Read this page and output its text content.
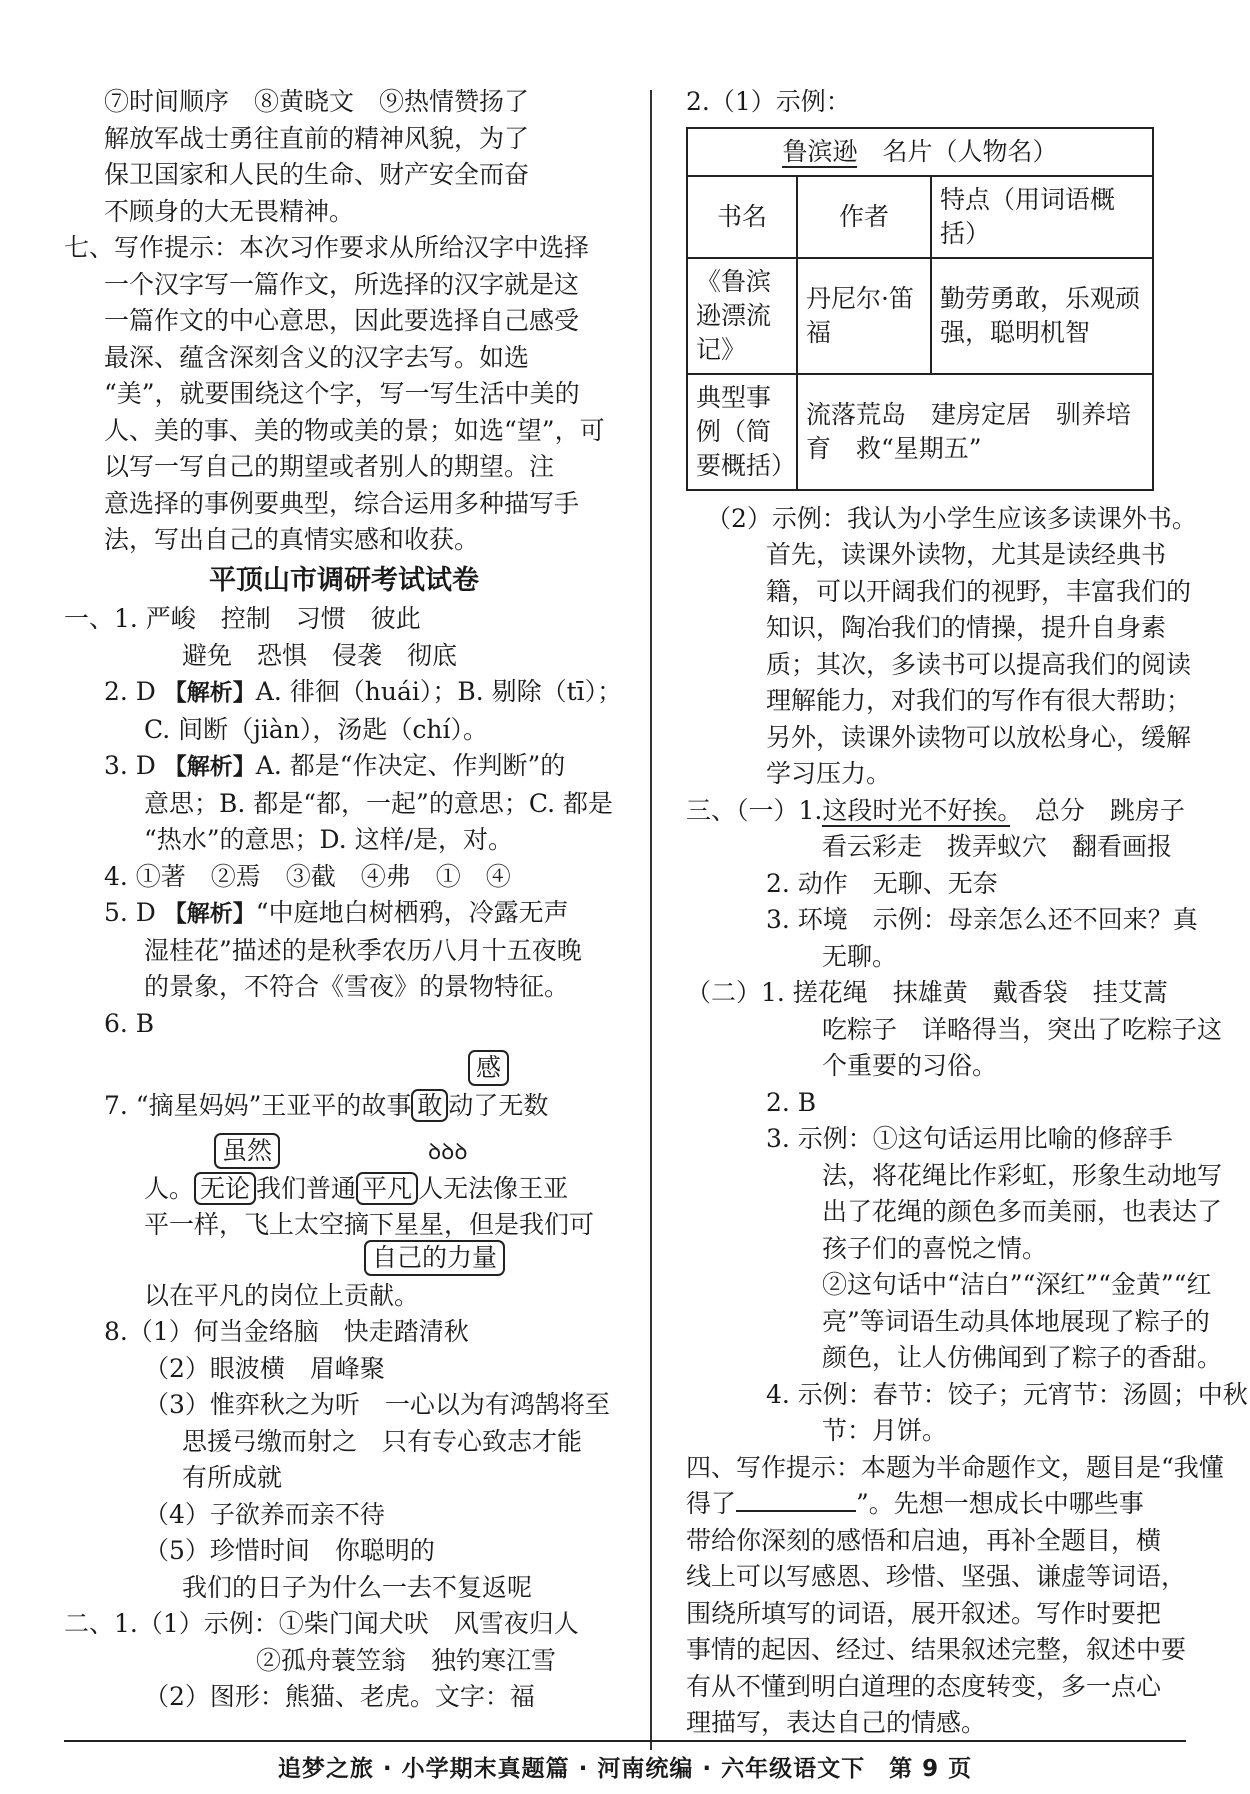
⑦时间顺序　⑧黄晓文　⑨热情赞扬了
解放军战士勇往直前的精神风貌，为了
保卫国家和人民的生命、财产安全而奋
不顾身的大无畏精神。
七、写作提示：本次习作要求从所给汉字中选择
一个汉字写一篇作文，所选择的汉字就是这
一篇作文的中心意思，因此要选择自己感受
最深、蕴含深刻含义的汉字去写。如选
“美”，就要围绕这个字，写一写生活中美的
人、美的事、美的物或美的景；如选“望”，可
以写一写自己的期望或者别人的期望。注
意选择的事例要典型，综合运用多种描写手
法，写出自己的真情实感和收获。
平顶山市调研考试试卷
一、1. 严峻　控制　习惯　彼此
避免　恐惧　侵袭　彻底
2. D 【解析】A. 徘徊（huái）；B. 剔除（tī）；
C. 间断（jiàn），汤匙（chí）。
3. D 【解析】A. 都是“作决定、作判断”的
意思；B. 都是“都，一起”的意思；C. 都是
“热水”的意思；D. 这样/是，对。
4. ①著　②焉　③截　④弗　①　④
5. D 【解析】“中庭地白树栖鸦，冷露无声
湿桂花”描述的是秋季农历八月十五夜晚
的景象，不符合《雪夜》的景物特征。
6. B
感
7. “摘星妈妈”王亚平的故事 敢 动了无数
虽然	ꝺꝺꝺ
人。 无论 我们普通 平凡 人无法像王亚
平一样，飞上太空摘下星星，但是我们可
自己的力量
以在平凡的岗位上贡献。
8.（1）何当金络脑　快走踏清秋
（2）眼波横　眉峰聚
（3）惟弈秋之为听　一心以为有鸿鹄将至
思援弓缴而射之　只有专心致志才能
有所成就
（4）子欲养而亲不待
（5）珍惜时间　你聪明的
我们的日子为什么一去不复返呢
二、1.（1）示例：①柴门闻犬吠　风雪夜归人
②孤舟蓑笠翁　独钓寒江雪
（2）图形：熊猫、老虎。文字：福
2.（1）示例：
鲁滨逊　 名片（人物名）		
书名	作者	特点（用词语概括）
《鲁滨逊漂流记》	丹尼尔·笛福	勤劳勇敢，乐观顽强，聪明机智
典型事例（简要概括）	流落荒岛　建房定居　驯养培育　救“星期五”	
（2）示例：我认为小学生应该多读课外书。
首先，读课外读物，尤其是读经典书
籍，可以开阔我们的视野，丰富我们的
知识，陶冶我们的情操，提升自身素
质；其次，多读书可以提高我们的阅读
理解能力，对我们的写作有很大帮助；
另外，读课外读物可以放松身心，缓解
学习压力。
三、（一）1.这段时光不好挨。　总分　跳房子
看云彩走　拨弄蚁穴　翻看画报
2. 动作　无聊、无奈
3. 环境　示例：母亲怎么还不回来？真
无聊。
（二）1. 搓花绳　抹雄黄　戴香袋　挂艾蒿
吃粽子　详略得当，突出了吃粽子这
个重要的习俗。
2. B
3. 示例：①这句话运用比喻的修辞手
法，将花绳比作彩虹，形象生动地写
出了花绳的颜色多而美丽，也表达了
孩子们的喜悦之情。
②这句话中“洁白”“深红”“金黄”“红
亮”等词语生动具体地展现了粽子的
颜色，让人仿佛闻到了粽子的香甜。
4. 示例：春节：饺子；元宵节：汤圆；中秋
节：月饼。
四、写作提示：本题为半命题作文，题目是“我懂
得了	”。先想一想成长中哪些事
带给你深刻的感悟和启迪，再补全题目，横
线上可以写感恩、珍惜、坚强、谦虚等词语，
围绕所填写的词语，展开叙述。写作时要把
事情的起因、经过、结果叙述完整，叙述中要
有从不懂到明白道理的态度转变，多一点心
理描写，表达自己的情感。
追梦之旅 · 小学期末真题篇 · 河南统编 · 六年级语文下　第 9 页
